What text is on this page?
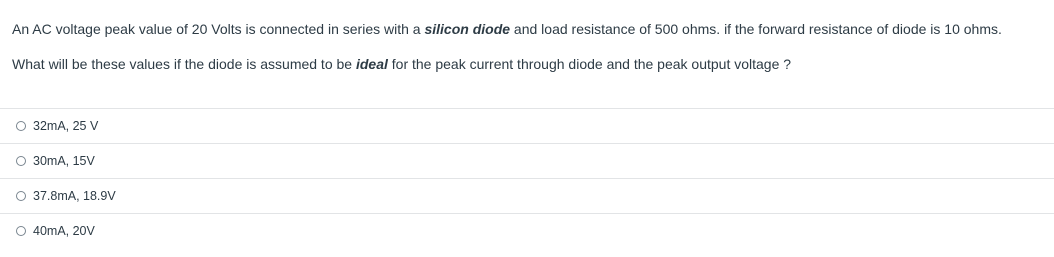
An AC voltage peak value of 20 Volts is connected in series with a silicon diode and load resistance of 500 ohms. if the forward resistance of diode is 10 ohms.

What will be these values if the diode is assumed to be ideal for the peak current through diode and the peak output voltage ?

32mA, 25 V
30mA, 15V
37.8mA, 18.9V
40mA, 20V
